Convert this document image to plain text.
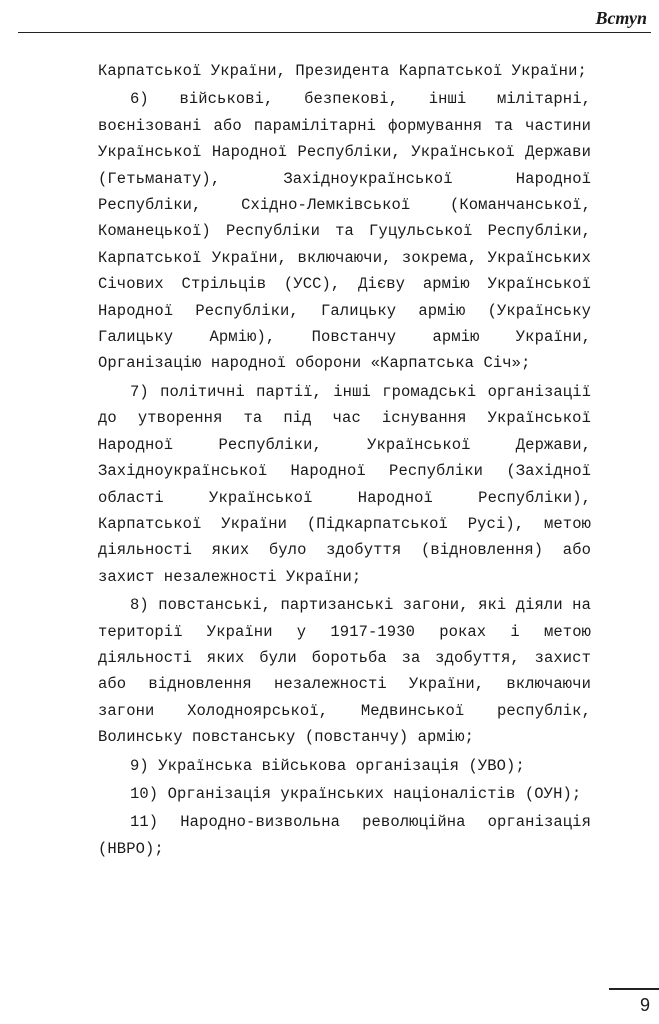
Вступ

Карпатської України, Президента Карпатської України;

6) військові, безпекові, інші мілітарні, воєнізовані або парамілітарні формування та частини Української Народної Республіки, Української Держави (Гетьманату), Західноукраїнської Народної Республіки, Східно-Лемківської (Команчанської, Команецької) Республіки та Гуцульської Республіки, Карпатської України, включаючи, зокрема, Українських Січових Стрільців (УСС), Дієву армію Української Народної Республіки, Галицьку армію (Українську Галицьку Армію), Повстанчу армію України, Організацію народної оборони «Карпатська Січ»;

7) політичні партії, інші громадські організації до утворення та під час існування Української Народної Республіки, Української Держави, Західноукраїнської Народної Республіки (Західної області Української Народної Республіки), Карпатської України (Підкарпатської Русі), метою діяльності яких було здобуття (відновлення) або захист незалежності України;

8) повстанські, партизанські загони, які діяли на території України у 1917-1930 роках і метою діяльності яких були боротьба за здобуття, захист або відновлення незалежності України, включаючи загони Холодноярської, Медвинської республік, Волинську повстанську (повстанчу) армію;

9) Українська військова організація (УВО);

10) Організація українських націоналістів (ОУН);

11) Народно-визвольна революційна організація (НВРО);

9
